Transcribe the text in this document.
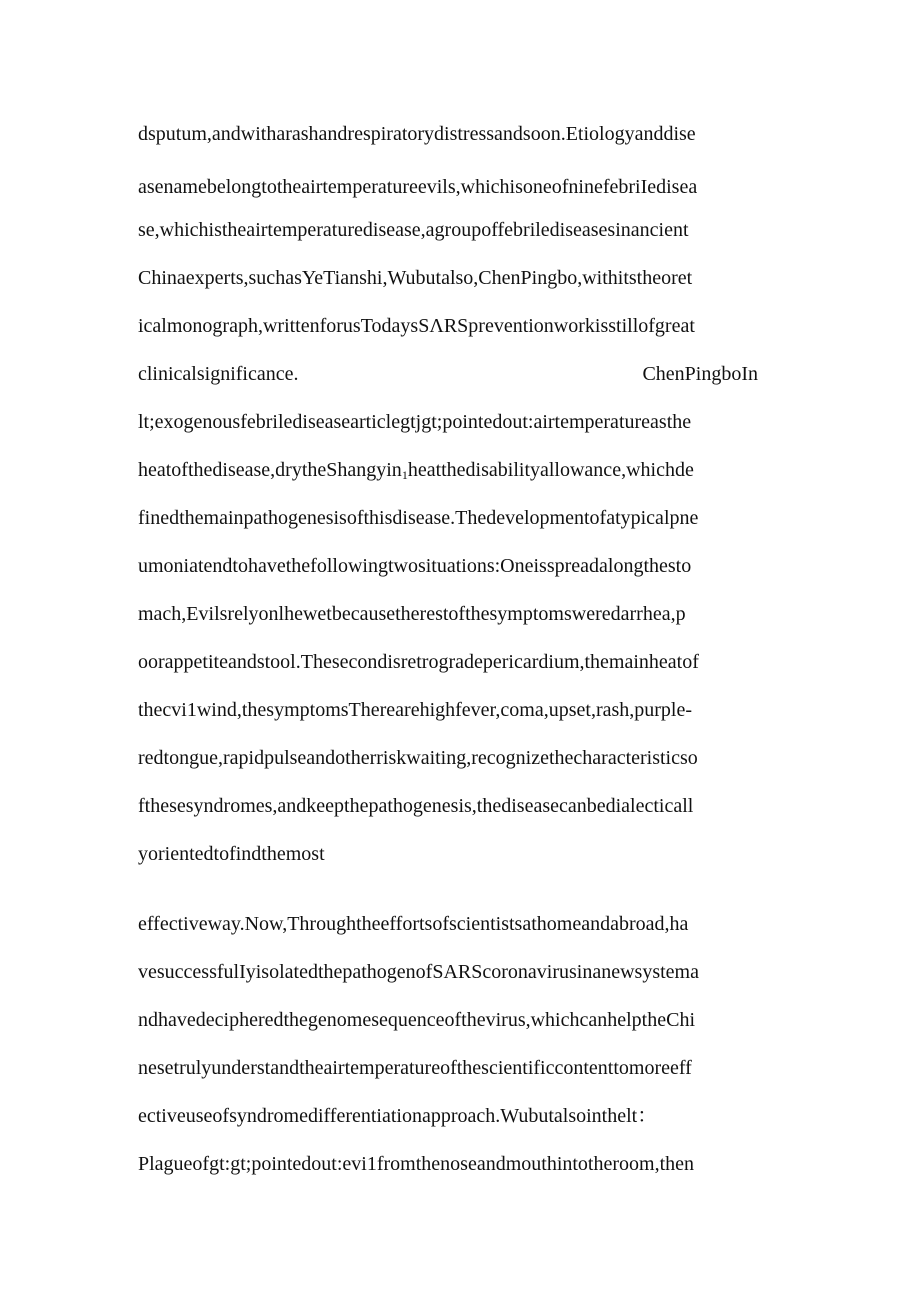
dsputum,andwitharashandrespiratorydistressandsoon.Etiologyanddise
asenamebelongtotheairtemperatureevils,whichisoneofninefebriIedisea
se,whichistheairtemperaturedisease,agroupoffebrilediseasesinancient
Chinaexperts,suchasYeTianshi,Wubutalso,ChenPingbo,withitstheoret
icalmonograph,writtenforusTodaysSΛRSpreventionworkisstillofgreat
clinicalsignificance.	ChenPingboIn
lt;exogenousfebrilediseasearticlegtjgt;pointedout:airtemperatureasthe
heatofthedisease,drytheShangyin$_1$heatthedisabilityallowance,whichde
finedthemainpathogenesisofthisdisease.Thedevelopmentofatypicalpne
umoniatendtohavethefollowingtwosituations:Oneisspreadalongthesto
mach,Evilsrelyonlhewetbecausetherestofthesymptomsweredarrhea,p
oorappetiteandstool.Thesecondisretrogradepericardium,themainheatof
thecvi1wind,thesymptomsTherearehighfever,coma,upset,rash,purple-
redtongue,rapidpulseandotherriskwaiting,recognizethecharacteristicso
fthesesyndromes,andkeepthepathogenesis,thediseasecanbedialecticall
yorientedtofindthemost
effectiveway.Now,Throughtheeffortsofscientistsathomeandabroad,ha
vesuccessfulIyisolatedthepathogenofSARScoronavirusinanewsystema
ndhavedecipheredthegenomesequenceofthevirus,whichcanhelptheChi
nesetrulyunderstandtheairtemperatureofthescientificcontenttomoreeff
ectiveuseofsyndromedifferentiationapproach.Wubutalsointhelt：
Plagueofgt:gt;pointedout:evi1fromthenoseandmouthintotheroom,then
